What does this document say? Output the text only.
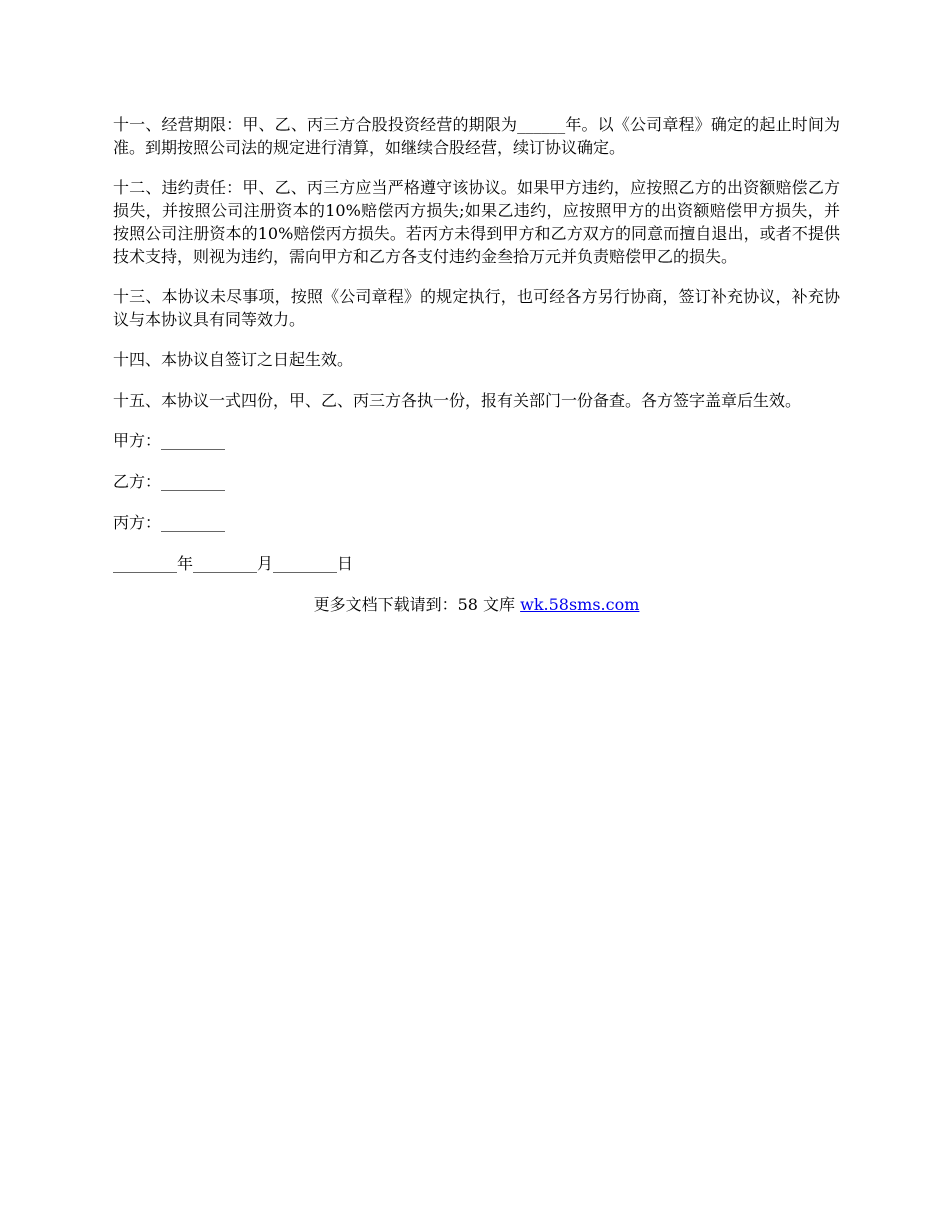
十一、经营期限：甲、乙、丙三方合股投资经营的期限为______年。以《公司章程》确定的起止时间为准。到期按照公司法的规定进行清算，如继续合股经营，续订协议确定。

十二、违约责任：甲、乙、丙三方应当严格遵守该协议。如果甲方违约，应按照乙方的出资额赔偿乙方损失，并按照公司注册资本的10%赔偿丙方损失;如果乙违约，应按照甲方的出资额赔偿甲方损失，并按照公司注册资本的10%赔偿丙方损失。若丙方未得到甲方和乙方双方的同意而擅自退出，或者不提供技术支持，则视为违约，需向甲方和乙方各支付违约金叁拾万元并负责赔偿甲乙的损失。

十三、本协议未尽事项，按照《公司章程》的规定执行，也可经各方另行协商，签订补充协议，补充协议与本协议具有同等效力。

十四、本协议自签订之日起生效。

十五、本协议一式四份，甲、乙、丙三方各执一份，报有关部门一份备查。各方签字盖章后生效。

甲方：________
乙方：________
丙方：________
________年________月________日
更多文档下载请到：58 文库 wk.58sms.com
